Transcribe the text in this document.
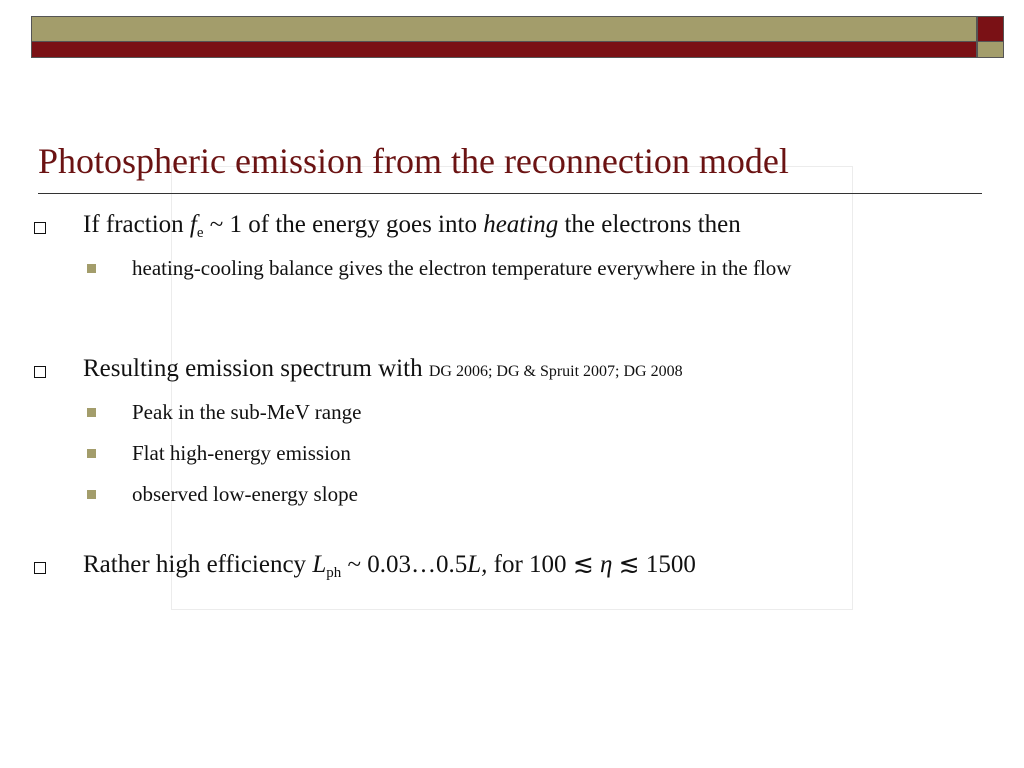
Photospheric emission from the reconnection model
If fraction $f_e$ ~ 1 of the energy goes into heating the electrons then
heating-cooling balance gives the electron temperature everywhere in the flow
Resulting emission spectrum with DG 2006; DG & Spruit 2007; DG 2008
Peak in the sub-MeV range
Flat high-energy emission
observed low-energy slope
Rather high efficiency $L_{ph}$ ~ 0.03…0.5L, for 100 ≲ η ≲ 1500
